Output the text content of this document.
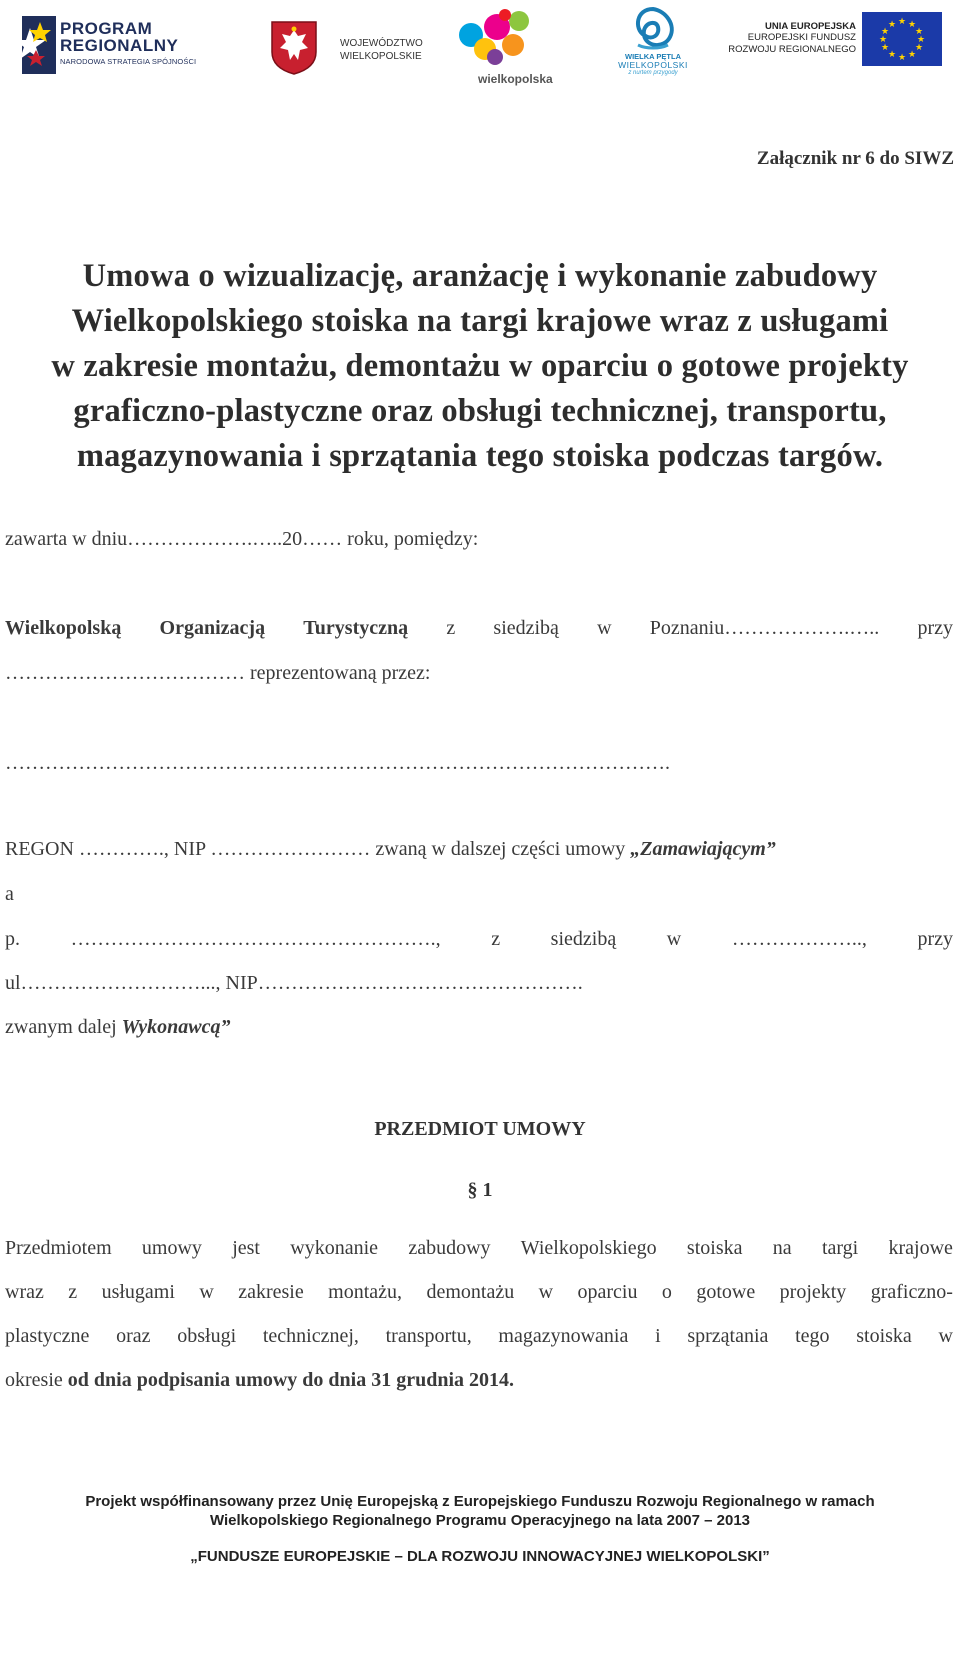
PROGRAM
REGIONALNY
NARODOWA STRATEGIA SPÓJNOŚCI
WOJEWÓDZTWO
WIELKOPOLSKIE
wielkopolska
WIELKA PĘTLA
WIELKOPOLSKI
z nurtem przygody
UNIA EUROPEJSKA
EUROPEJSKI FUNDUSZ
ROZWOJU REGIONALNEGO
★ ★
★
★
★
★
★
★
★
★
★
★
Załącznik nr 6 do SIWZ
Umowa o wizualizację, aranżację i wykonanie zabudowy
Wielkopolskiego stoiska na targi krajowe wraz z usługami
w zakresie montażu, demontażu w oparciu o gotowe projekty
graficzno-plastyczne oraz obsługi technicznej, transportu,
magazynowania i sprzątania tego stoiska podczas targów.
zawarta w dniu……………….…..20…… roku, pomiędzy:
Wielkopolską Organizacją Turystyczną z siedzibą w Poznaniu……………….….. przy
……………………………… reprezentowaną przez:
……………………………………………………………………………………….
REGON …………., NIP …………………… zwaną w dalszej części umowy „Zamawiającym”
a
p.	……………………………………………….,	z	siedzibą	w	………………..,	przy
ul………………………..., NIP………………………………………….
zwanym dalej Wykonawcą”
PRZEDMIOT UMOWY
§ 1
Przedmiotem umowy jest wykonanie zabudowy Wielkopolskiego stoiska na targi krajowe
wraz z usługami w zakresie montażu, demontażu w oparciu o gotowe projekty graficzno-
plastyczne oraz obsługi technicznej, transportu, magazynowania i sprzątania tego stoiska w
okresie od dnia podpisania umowy do dnia 31 grudnia 2014.
Projekt współfinansowany przez Unię Europejską z Europejskiego Funduszu Rozwoju Regionalnego w ramach
Wielkopolskiego Regionalnego Programu Operacyjnego na lata 2007 – 2013
„FUNDUSZE EUROPEJSKIE – DLA ROZWOJU INNOWACYJNEJ WIELKOPOLSKI”
